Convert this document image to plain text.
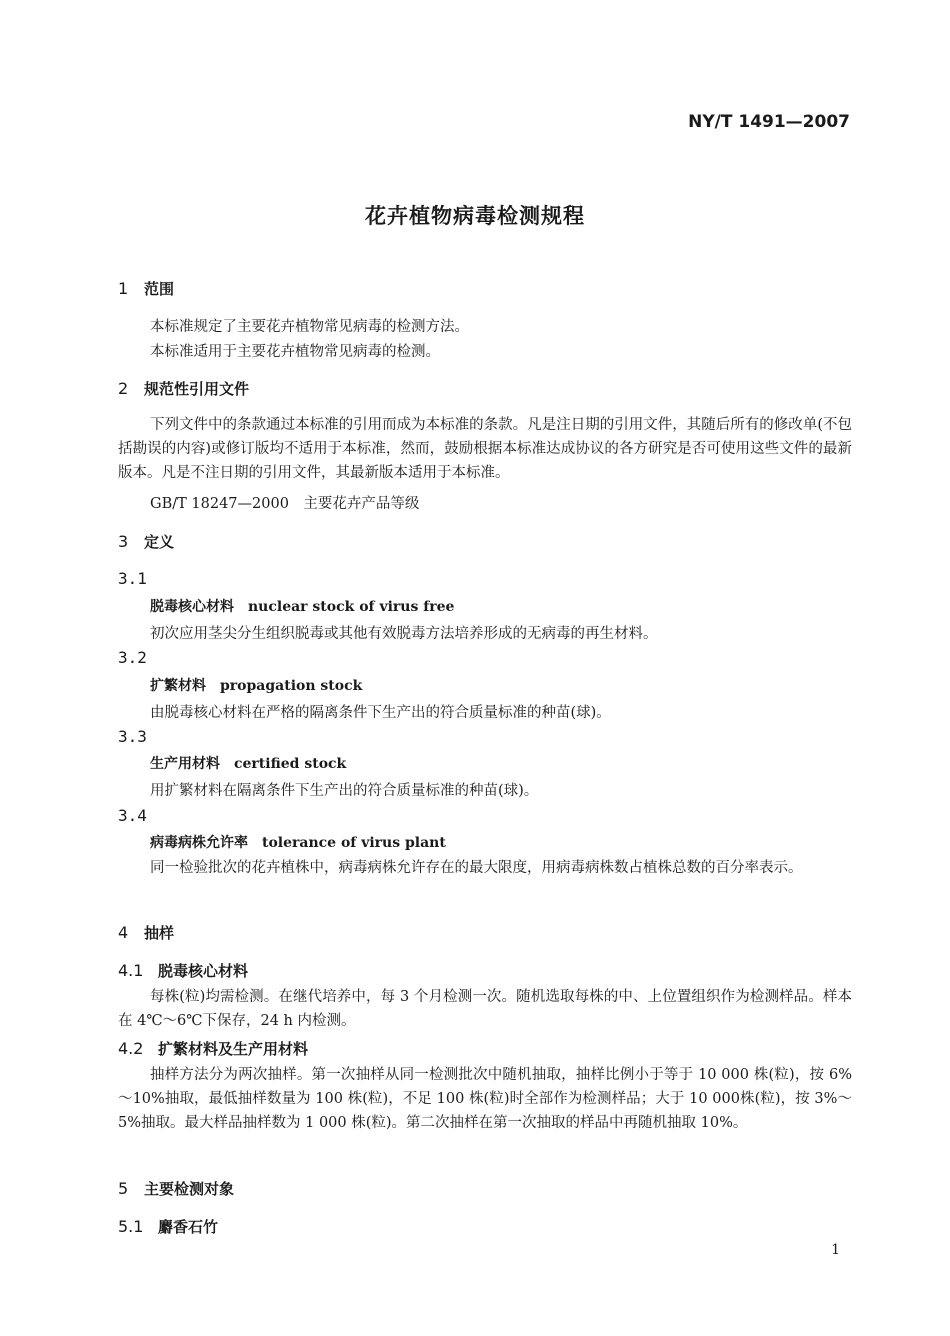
NY/T 1491—2007
花卉植物病毒检测规程
1 范围
本标准规定了主要花卉植物常见病毒的检测方法。
本标准适用于主要花卉植物常见病毒的检测。
2 规范性引用文件
下列文件中的条款通过本标准的引用而成为本标准的条款。凡是注日期的引用文件，其随后所有的修改单(不包括勘误的内容)或修订版均不适用于本标准，然而，鼓励根据本标准达成协议的各方研究是否可使用这些文件的最新版本。凡是不注日期的引用文件，其最新版本适用于本标准。
GB/T 18247—2000　主要花卉产品等级
3 定义
3.1
脱毒核心材料 nuclear stock of virus free
初次应用茎尖分生组织脱毒或其他有效脱毒方法培养形成的无病毒的再生材料。
3.2
扩繁材料 propagation stock
由脱毒核心材料在严格的隔离条件下生产出的符合质量标准的种苗(球)。
3.3
生产用材料 certified stock
用扩繁材料在隔离条件下生产出的符合质量标准的种苗(球)。
3.4
病毒病株允许率 tolerance of virus plant
同一检验批次的花卉植株中，病毒病株允许存在的最大限度，用病毒病株数占植株总数的百分率表示。
4 抽样
4.1 脱毒核心材料
每株(粒)均需检测。在继代培养中，每 3 个月检测一次。随机选取每株的中、上位置组织作为检测样品。样本在 4℃～6℃下保存，24 h 内检测。
4.2 扩繁材料及生产用材料
抽样方法分为两次抽样。第一次抽样从同一检测批次中随机抽取，抽样比例小于等于 10 000 株(粒)，按 6%～10%抽取，最低抽样数量为 100 株(粒)，不足 100 株(粒)时全部作为检测样品；大于 10 000株(粒)，按 3%～5%抽取。最大样品抽样数为 1 000 株(粒)。第二次抽样在第一次抽取的样品中再随机抽取 10%。
5 主要检测对象
5.1 麝香石竹
1
